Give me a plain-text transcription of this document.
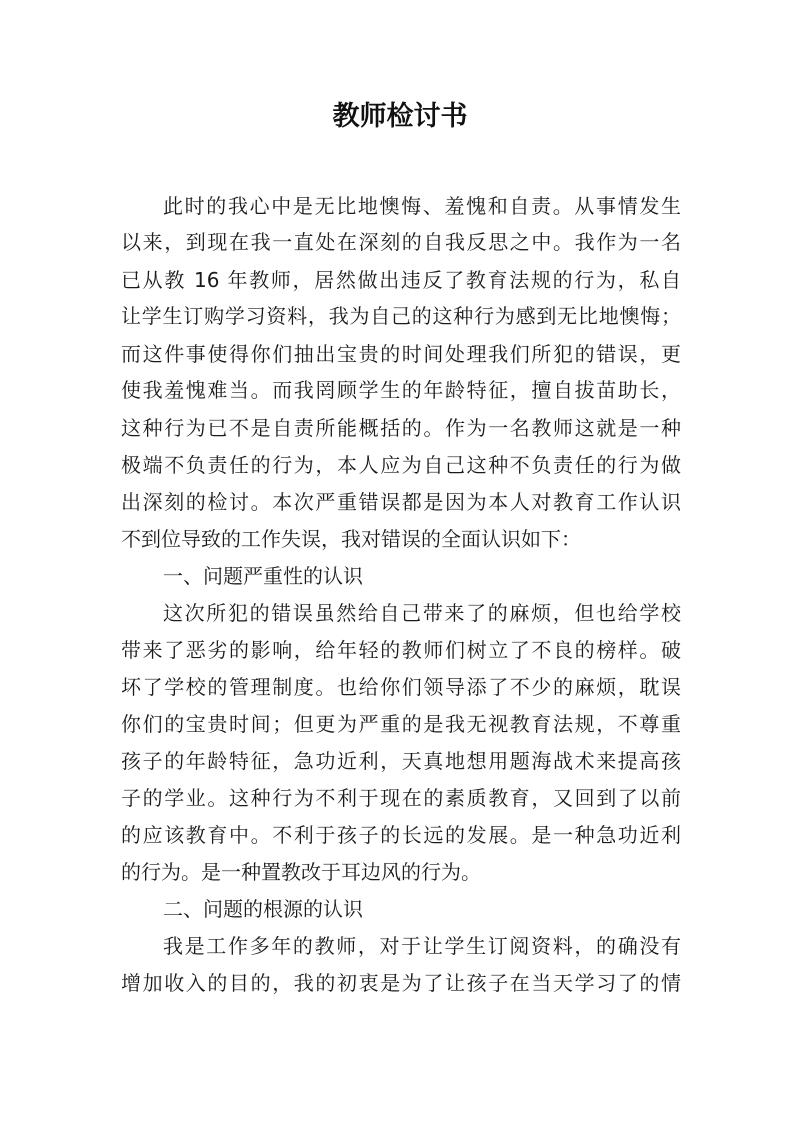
教师检讨书
此时的我心中是无比地懊悔、羞愧和自责。从事情发生
以来，到现在我一直处在深刻的自我反思之中。我作为一名
已从教 16 年教师，居然做出违反了教育法规的行为，私自
让学生订购学习资料，我为自己的这种行为感到无比地懊悔；
而这件事使得你们抽出宝贵的时间处理我们所犯的错误，更
使我羞愧难当。而我罔顾学生的年龄特征，擅自拔苗助长，
这种行为已不是自责所能概括的。作为一名教师这就是一种
极端不负责任的行为，本人应为自己这种不负责任的行为做
出深刻的检讨。本次严重错误都是因为本人对教育工作认识
不到位导致的工作失误，我对错误的全面认识如下：
一、问题严重性的认识
这次所犯的错误虽然给自己带来了的麻烦，但也给学校
带来了恶劣的影响，给年轻的教师们树立了不良的榜样。破
坏了学校的管理制度。也给你们领导添了不少的麻烦，耽误
你们的宝贵时间；但更为严重的是我无视教育法规，不尊重
孩子的年龄特征，急功近利，天真地想用题海战术来提高孩
子的学业。这种行为不利于现在的素质教育，又回到了以前
的应该教育中。不利于孩子的长远的发展。是一种急功近利
的行为。是一种置教改于耳边风的行为。
二、问题的根源的认识
我是工作多年的教师，对于让学生订阅资料，的确没有
增加收入的目的，我的初衷是为了让孩子在当天学习了的情
